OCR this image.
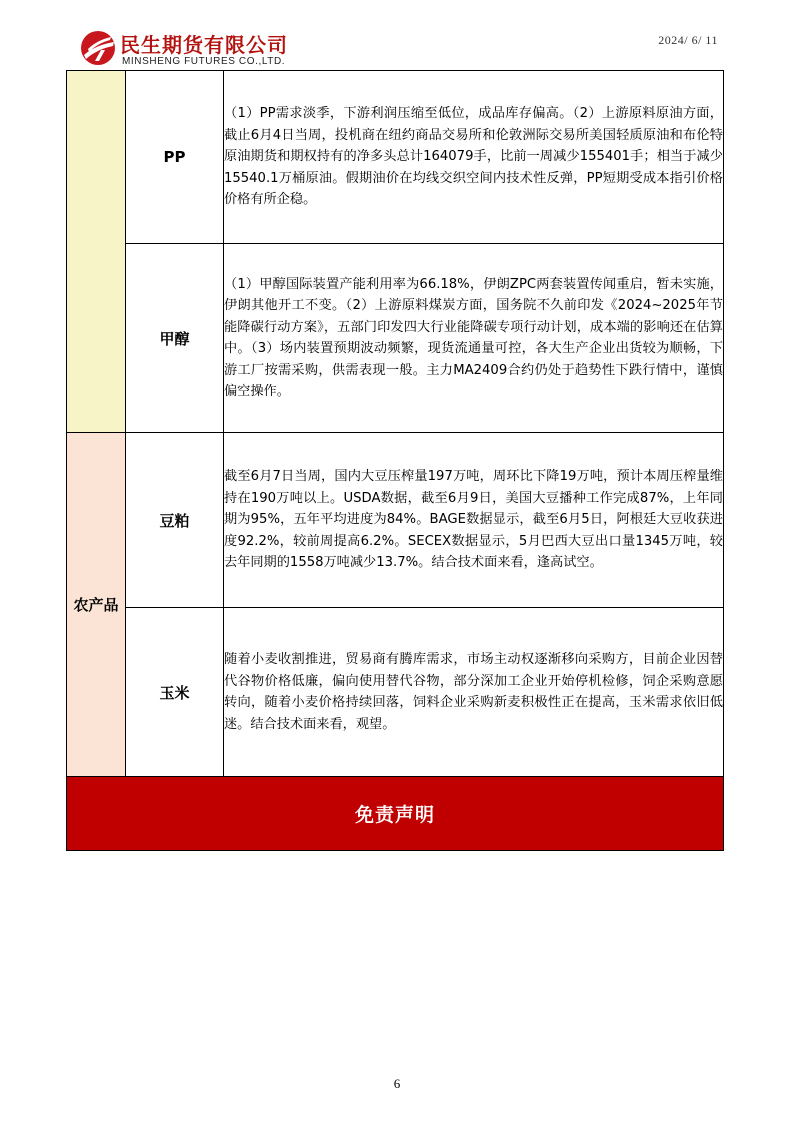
民生期货有限公司
MINSHENG FUTURES CO.,LTD.
2024/ 6/ 11
	PP	（1）PP需求淡季，下游利润压缩至低位，成品库存偏高。（2）上游原料原油方面，截止6月4日当周，投机商在纽约商品交易所和伦敦洲际交易所美国轻质原油和布伦特原油期货和期权持有的净多头总计164079手，比前一周减少155401手；相当于减少15540.1万桶原油。假期油价在均线交织空间内技术性反弹，PP短期受成本指引价格价格有所企稳。

	甲醇	（1）甲醇国际装置产能利用率为66.18%，伊朗ZPC两套装置传闻重启，暂未实施，伊朗其他开工不变。（2）上游原料煤炭方面，国务院不久前印发《2024~2025年节能降碳行动方案》，五部门印发四大行业能降碳专项行动计划，成本端的影响还在估算中。（3）场内装置预期波动频繁，现货流通量可控，各大生产企业出货较为顺畅，下游工厂按需采购，供需表现一般。主力MA2409合约仍处于趋势性下跌行情中，谨慎偏空操作。

农产品	豆粕	截至6月7日当周，国内大豆压榨量197万吨，周环比下降19万吨，预计本周压榨量维持在190万吨以上。USDA数据，截至6月9日，美国大豆播种工作完成87%，上年同期为95%，五年平均进度为84%。BAGE数据显示，截至6月5日，阿根廷大豆收获进度92.2%，较前周提高6.2%。SECEX数据显示，5月巴西大豆出口量1345万吨，较去年同期的1558万吨减少13.7%。结合技术面来看，逢高试空。

	玉米	随着小麦收割推进，贸易商有腾库需求，市场主动权逐渐移向采购方，目前企业因替代谷物价格低廉，偏向使用替代谷物，部分深加工企业开始停机检修，饲企采购意愿转向，随着小麦价格持续回落，饲料企业采购新麦积极性正在提高，玉米需求依旧低迷。结合技术面来看，观望。

免责声明		
6
